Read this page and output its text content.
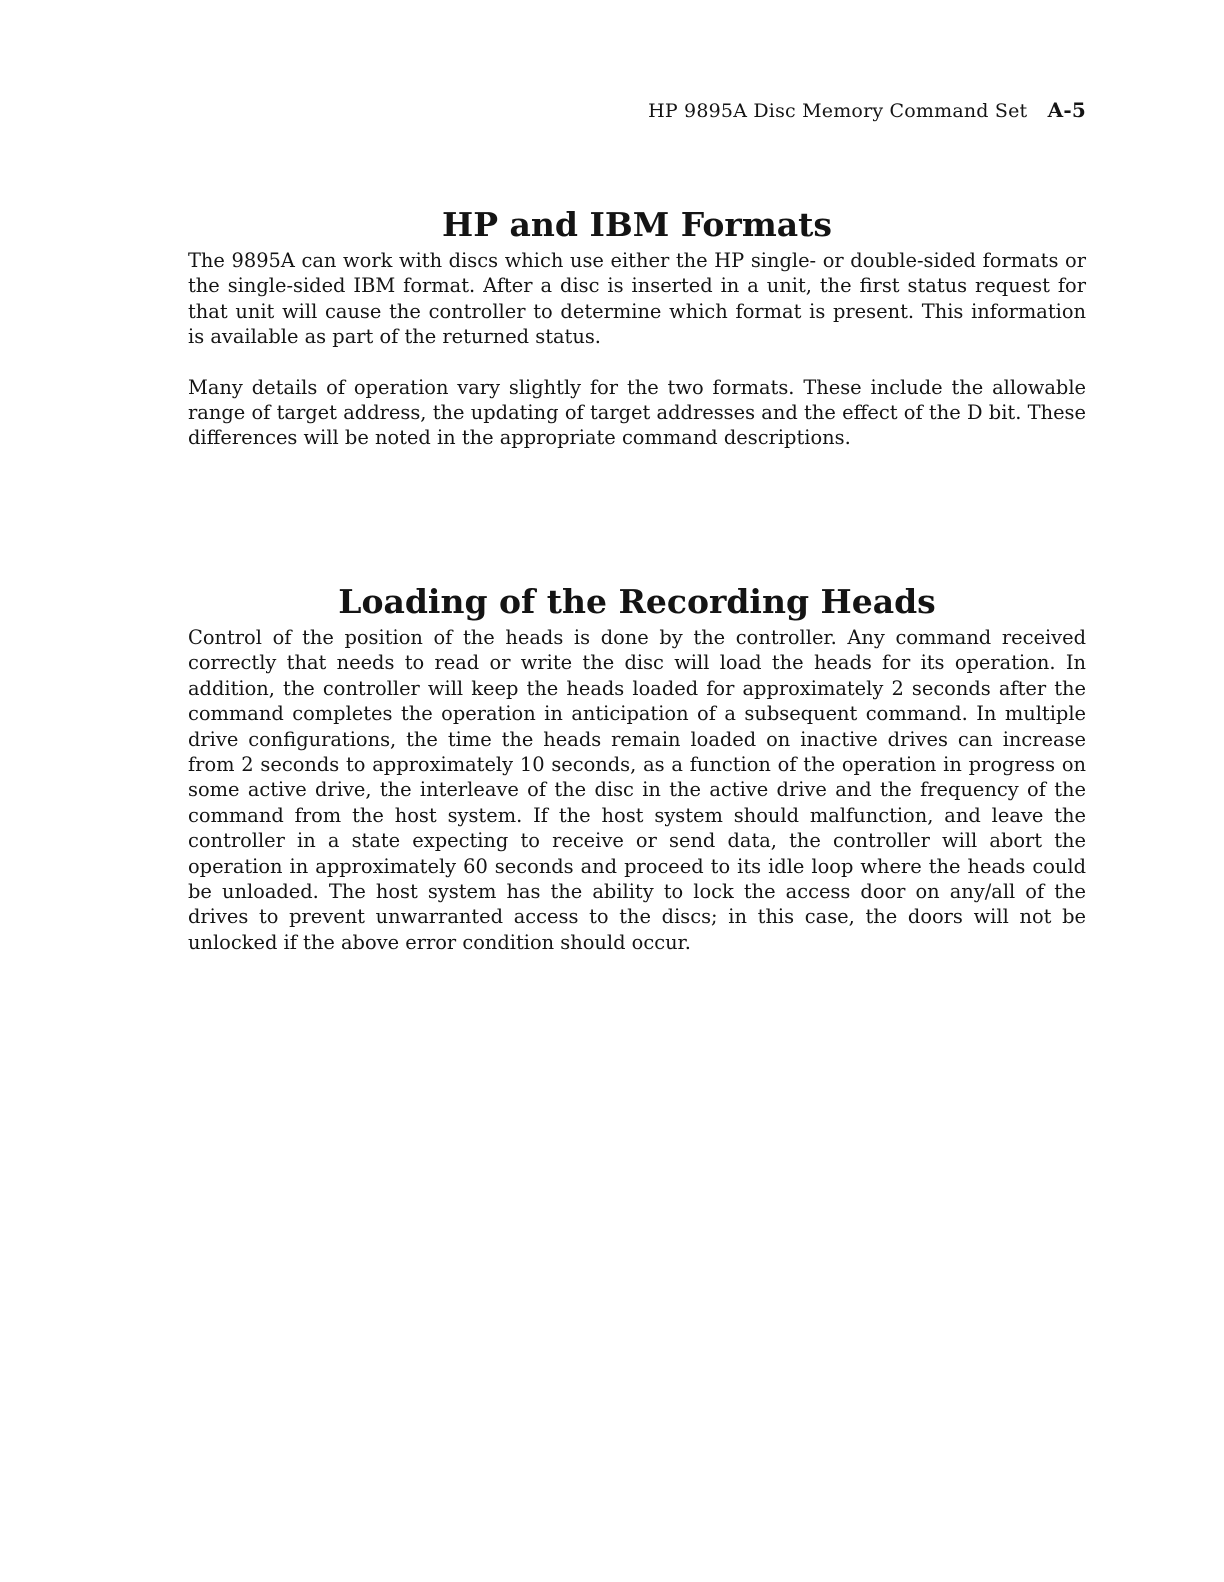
HP 9895A Disc Memory Command Set A-5
HP and IBM Formats

The 9895A can work with discs which use either the HP single- or double-sided formats or the single-sided IBM format. After a disc is inserted in a unit, the first status request for that unit will cause the controller to determine which format is present. This information is available as part of the returned status.

Many details of operation vary slightly for the two formats. These include the allowable range of target address, the updating of target addresses and the effect of the D bit. These differences will be noted in the appropriate command descriptions.

Loading of the Recording Heads

Control of the position of the heads is done by the controller. Any command received correctly that needs to read or write the disc will load the heads for its operation. In addition, the controller will keep the heads loaded for approximately 2 seconds after the command completes the operation in anticipation of a subsequent command. In multiple drive configurations, the time the heads remain loaded on inactive drives can increase from 2 seconds to approximately 10 seconds, as a function of the operation in progress on some active drive, the interleave of the disc in the active drive and the frequency of the command from the host system. If the host system should malfunction, and leave the controller in a state expecting to receive or send data, the controller will abort the operation in approximately 60 seconds and proceed to its idle loop where the heads could be unloaded. The host system has the ability to lock the access door on any/all of the drives to prevent unwarranted access to the discs; in this case, the doors will not be unlocked if the above error condition should occur.
